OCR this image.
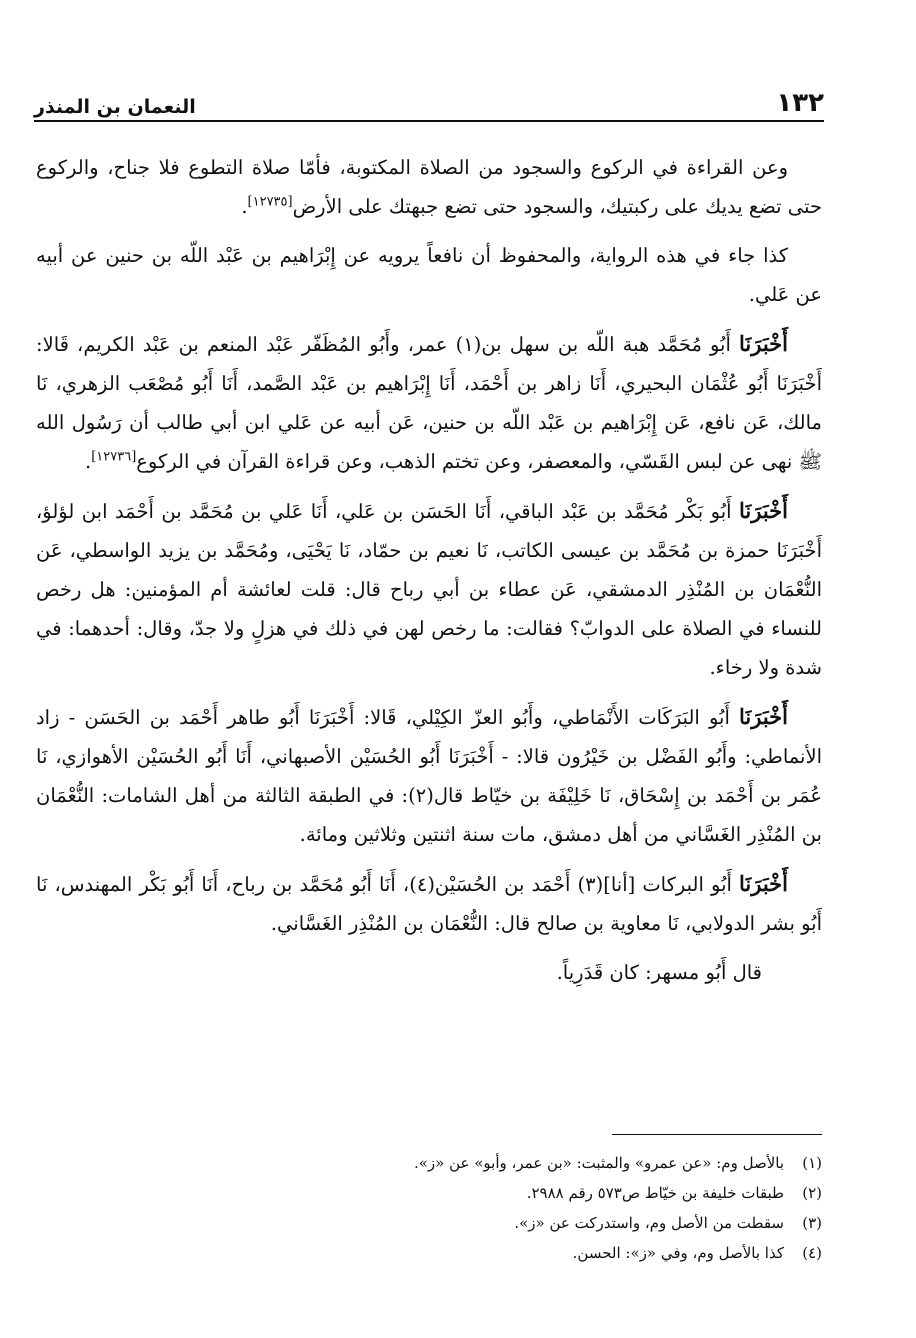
١٣٢
النعمان بن المنذر

وعن القراءة في الركوع والسجود من الصلاة المكتوبة، فأمّا صلاة التطوع فلا جناح، والركوع حتى تضع يديك على ركبتيك، والسجود حتى تضع جبهتك على الأرض[١٢٧٣٥].

كذا جاء في هذه الرواية، والمحفوظ أن نافعاً يرويه عن إِبْرَاهيم بن عَبْد اللّه بن حنين عن أبيه عن عَلي.

أَخْبَرَنَا أَبُو مُحَمَّد هبة اللّه بن سهل بن(١) عمر، وأَبُو المُظَفّر عَبْد المنعم بن عَبْد الكريم، قَالا: أَخْبَرَنَا أَبُو عُثْمَان البحيري، أَنَا زاهر بن أَحْمَد، أَنَا إِبْرَاهيم بن عَبْد الصَّمد، أَنَا أَبُو مُصْعَب الزهري، نَا مالك، عَن نافع، عَن إِبْرَاهيم بن عَبْد اللّه بن حنين، عَن أبيه عن عَلي ابن أبي طالب أن رَسُول الله ﷺ نهى عن لبس القَسّي، والمعصفر، وعن تختم الذهب، وعن قراءة القرآن في الركوع[١٢٧٣٦].

أَخْبَرَنَا أَبُو بَكْر مُحَمَّد بن عَبْد الباقي، أَنَا الحَسَن بن عَلي، أَنَا عَلي بن مُحَمَّد بن أَحْمَد ابن لؤلؤ، أَخْبَرَنَا حمزة بن مُحَمَّد بن عيسى الكاتب، نَا نعيم بن حمّاد، نَا يَحْيَى، ومُحَمَّد بن يزيد الواسطي، عَن النُّعْمَان بن المُنْذِر الدمشقي، عَن عطاء بن أبي رباح قال: قلت لعائشة أم المؤمنين: هل رخص للنساء في الصلاة على الدوابّ؟ فقالت: ما رخص لهن في ذلك في هزلٍ ولا جدّ، وقال: أحدهما: في شدة ولا رخاء.

أَخْبَرَنَا أَبُو البَرَكَات الأَنْمَاطي، وأَبُو العزّ الكِيْلي، قَالا: أَخْبَرَنَا أَبُو طاهر أَحْمَد بن الحَسَن - زاد الأنماطي: وأَبُو الفَضْل بن خَيْرُون قالا: - أَخْبَرَنَا أَبُو الحُسَيْن الأصبهاني، أَنَا أَبُو الحُسَيْن الأهوازي، نَا عُمَر بن أَحْمَد بن إِسْحَاق، نَا خَلِيْفَة بن خيّاط قال(٢): في الطبقة الثالثة من أهل الشامات: النُّعْمَان بن المُنْذِر الغَسَّاني من أهل دمشق، مات سنة اثنتين وثلاثين ومائة.

أَخْبَرَنَا أَبُو البركات [أنا](٣) أَحْمَد بن الحُسَيْن(٤)، أَنَا أَبُو مُحَمَّد بن رباح، أَنَا أَبُو بَكْر المهندس، نَا أَبُو بشر الدولابي، نَا معاوية بن صالح قال: النُّعْمَان بن المُنْذِر الغَسَّاني.

قال أَبُو مسهر: كان قَدَرِياً.

(١)
بالأصل وم: «عن عمرو» والمثبت: «بن عمر، وأبو» عن «ز».
(٢)
طبقات خليفة بن خيّاط ص٥٧٣ رقم ٢٩٨٨.
(٣)
سقطت من الأصل وم، واستدركت عن «ز».
(٤)
كذا بالأصل وم، وفي «ز»: الحسن.
